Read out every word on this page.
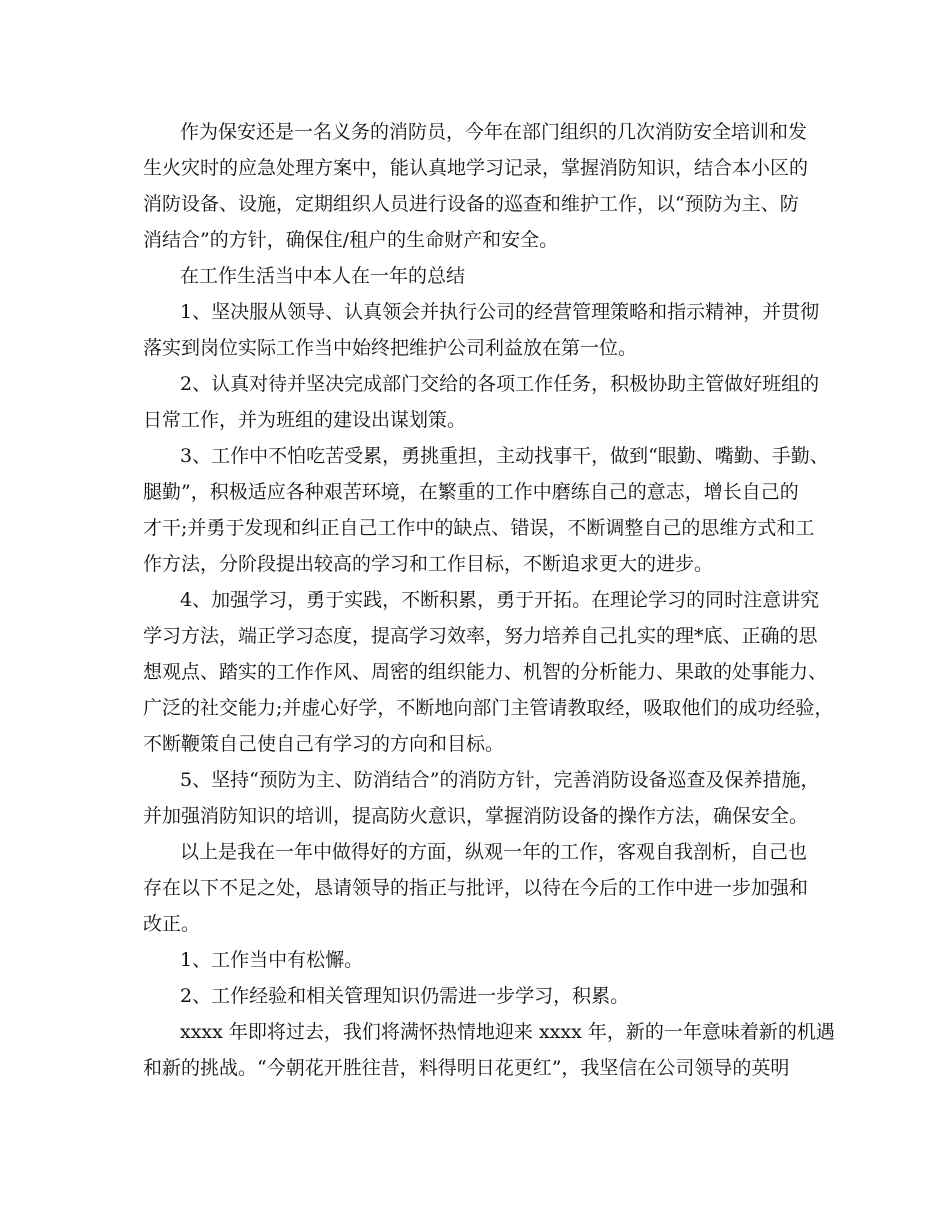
作为保安还是一名义务的消防员，今年在部门组织的几次消防安全培训和发

生火灾时的应急处理方案中，能认真地学习记录，掌握消防知识，结合本小区的

消防设备、设施，定期组织人员进行设备的巡查和维护工作，以“预防为主、防

消结合”的方针，确保住/租户的生命财产和安全。

在工作生活当中本人在一年的总结

1、坚决服从领导、认真领会并执行公司的经营管理策略和指示精神，并贯彻

落实到岗位实际工作当中始终把维护公司利益放在第一位。

2、认真对待并坚决完成部门交给的各项工作任务，积极协助主管做好班组的

日常工作，并为班组的建设出谋划策。

3、工作中不怕吃苦受累，勇挑重担，主动找事干，做到“眼勤、嘴勤、手勤、

腿勤”，积极适应各种艰苦环境，在繁重的工作中磨练自己的意志，增长自己的

才干;并勇于发现和纠正自己工作中的缺点、错误，不断调整自己的思维方式和工

作方法，分阶段提出较高的学习和工作目标，不断追求更大的进步。

4、加强学习，勇于实践，不断积累，勇于开拓。在理论学习的同时注意讲究

学习方法，端正学习态度，提高学习效率，努力培养自己扎实的理*底、正确的思

想观点、踏实的工作作风、周密的组织能力、机智的分析能力、果敢的处事能力、

广泛的社交能力;并虚心好学，不断地向部门主管请教取经，吸取他们的成功经验，

不断鞭策自己使自己有学习的方向和目标。

5、坚持“预防为主、防消结合”的消防方针，完善消防设备巡查及保养措施，

并加强消防知识的培训，提高防火意识，掌握消防设备的操作方法，确保安全。

以上是我在一年中做得好的方面，纵观一年的工作，客观自我剖析，自己也

存在以下不足之处，恳请领导的指正与批评，以待在今后的工作中进一步加强和

改正。

1、工作当中有松懈。

2、工作经验和相关管理知识仍需进一步学习，积累。

xxxx 年即将过去，我们将满怀热情地迎来 xxxx 年，新的一年意味着新的机遇

和新的挑战。“今朝花开胜往昔，料得明日花更红”，我坚信在公司领导的英明
